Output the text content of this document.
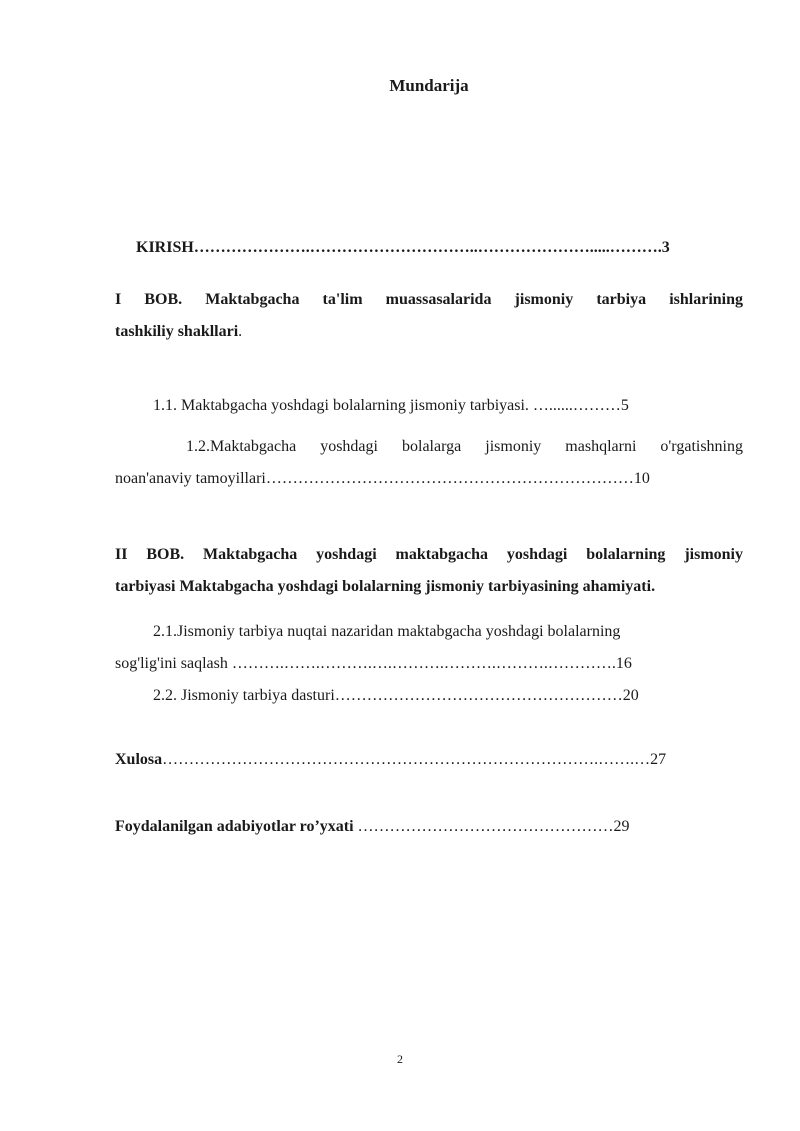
Mundarija
KIRISH………………….…………………………..………………….....……….3
I BOB. Maktabgacha ta'lim muassasalarida jismoniy tarbiya ishlarining
tashkiliy shakllari.
1.1. Maktabgacha yoshdagi bolalarning jismoniy tarbiyasi. …......………5
1.2.Maktabgacha yoshdagi bolalarga jismoniy mashqlarni o'rgatishning
noan'anaviy tamoyillari……………………………………………………………10
II BOB. Maktabgacha yoshdagi maktabgacha yoshdagi bolalarning jismoniy
tarbiyasi Maktabgacha yoshdagi bolalarning jismoniy tarbiyasining ahamiyati.
2.1.Jismoniy tarbiya nuqtai nazaridan maktabgacha yoshdagi bolalarning
sog'lig'ini saqlash ……….…….……….….……….……….……….………….16
2.2. Jismoniy tarbiya dasturi………………………………………………20
Xulosa……………………………………………………………………….…….…27
Foydalanilgan adabiyotlar ro’yxati …………………………………………29
2
